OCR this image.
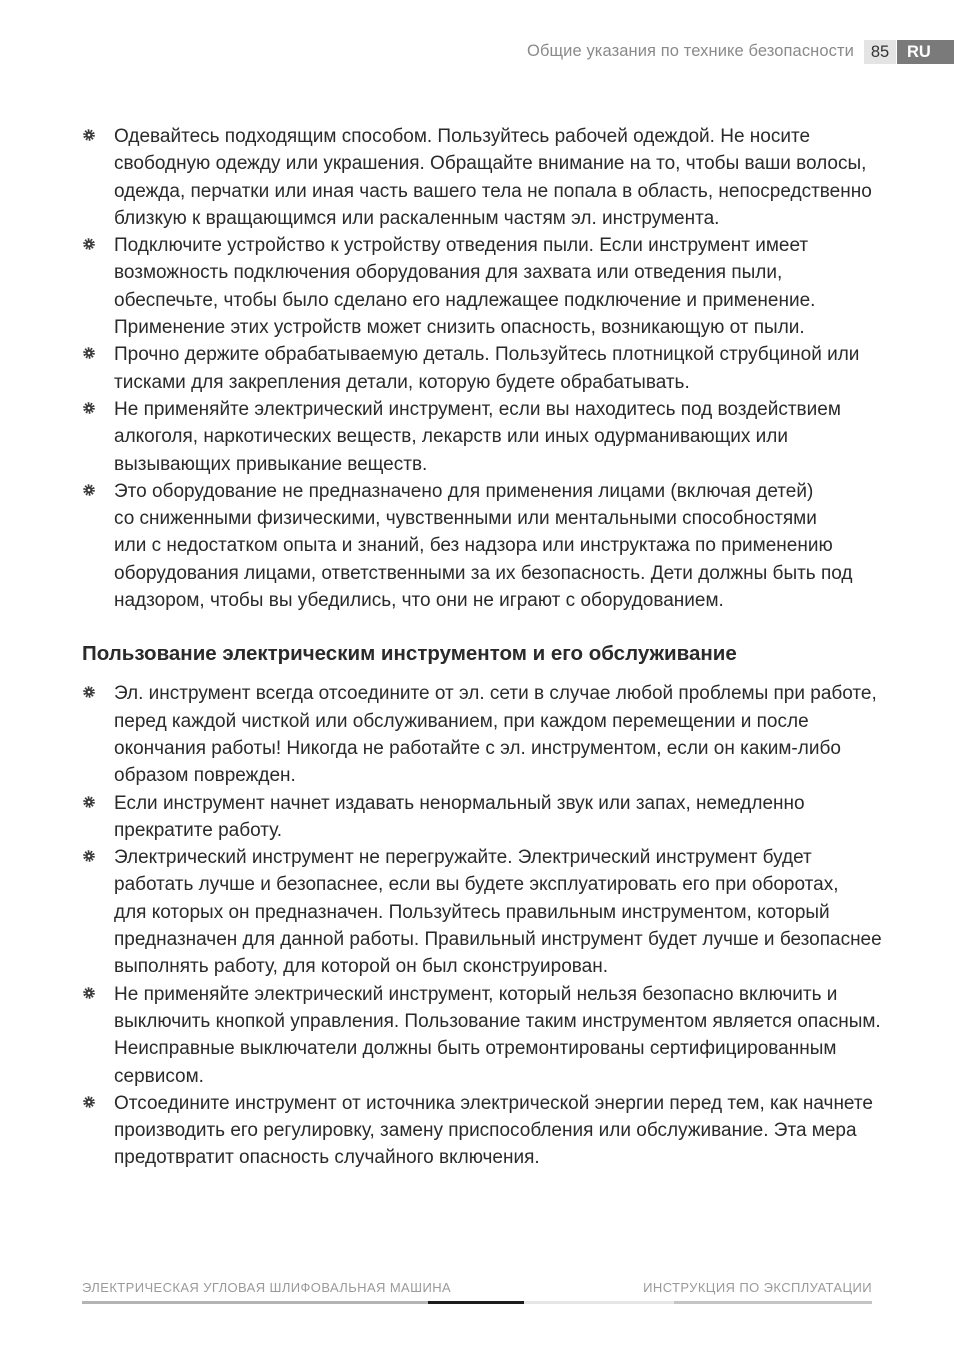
Общие указания по технике безопасности	85	RU
Одевайтесь подходящим способом. Пользуйтесь рабочей одеждой. Не носите
свободную одежду или украшения. Обращайте внимание на то, чтобы ваши волосы,
одежда, перчатки или иная часть вашего тела не попала в область, непосредственно
близкую к вращающимся или раскаленным частям эл. инструмента.
Подключите устройство к устройству отведения пыли. Если инструмент имеет
возможность подключения оборудования для захвата или отведения пыли,
обеспечьте, чтобы было сделано его надлежащее подключение и применение.
Применение этих устройств может снизить опасность, возникающую от пыли.
Прочно держите обрабатываемую деталь. Пользуйтесь плотницкой струбциной или
тисками для закрепления детали, которую будете обрабатывать.
Не применяйте электрический инструмент, если вы находитесь под воздействием
алкоголя, наркотических веществ, лекарств или иных одурманивающих или
вызывающих привыкание веществ.
Это оборудование не предназначено для применения лицами (включая детей)
со сниженными физическими, чувственными или ментальными способностями
или с недостатком опыта и знаний, без надзора или инструктажа по применению
оборудования лицами, ответственными за их безопасность. Дети должны быть под
надзором, чтобы вы убедились, что они не играют с оборудованием.
Пользование электрическим инструментом и его обслуживание
Эл. инструмент всегда отсоедините от эл. сети в случае любой проблемы при работе,
перед каждой чисткой или обслуживанием, при каждом перемещении и после
окончания работы! Никогда не работайте с эл. инструментом, если он каким-либо
образом поврежден.
Если инструмент начнет издавать ненормальный звук или запах, немедленно
прекратите работу.
Электрический инструмент не перегружайте. Электрический инструмент будет
работать лучше и безопаснее, если вы будете эксплуатировать его при оборотах,
для которых он предназначен. Пользуйтесь правильным инструментом, который
предназначен для данной работы. Правильный инструмент будет лучше и безопаснее
выполнять работу, для которой он был сконструирован.
Не применяйте электрический инструмент, который нельзя безопасно включить и
выключить кнопкой управления. Пользование таким инструментом является опасным.
Неисправные выключатели должны быть отремонтированы сертифицированным
сервисом.
Отсоедините инструмент от источника электрической энергии перед тем, как начнете
производить его регулировку, замену приспособления или обслуживание. Эта мера
предотвратит опасность случайного включения.
ЭЛЕКТРИЧЕСКАЯ УГЛОВАЯ ШЛИФОВАЛЬНАЯ МАШИНА	ИНСТРУКЦИЯ ПО ЭКСПЛУАТАЦИИ
